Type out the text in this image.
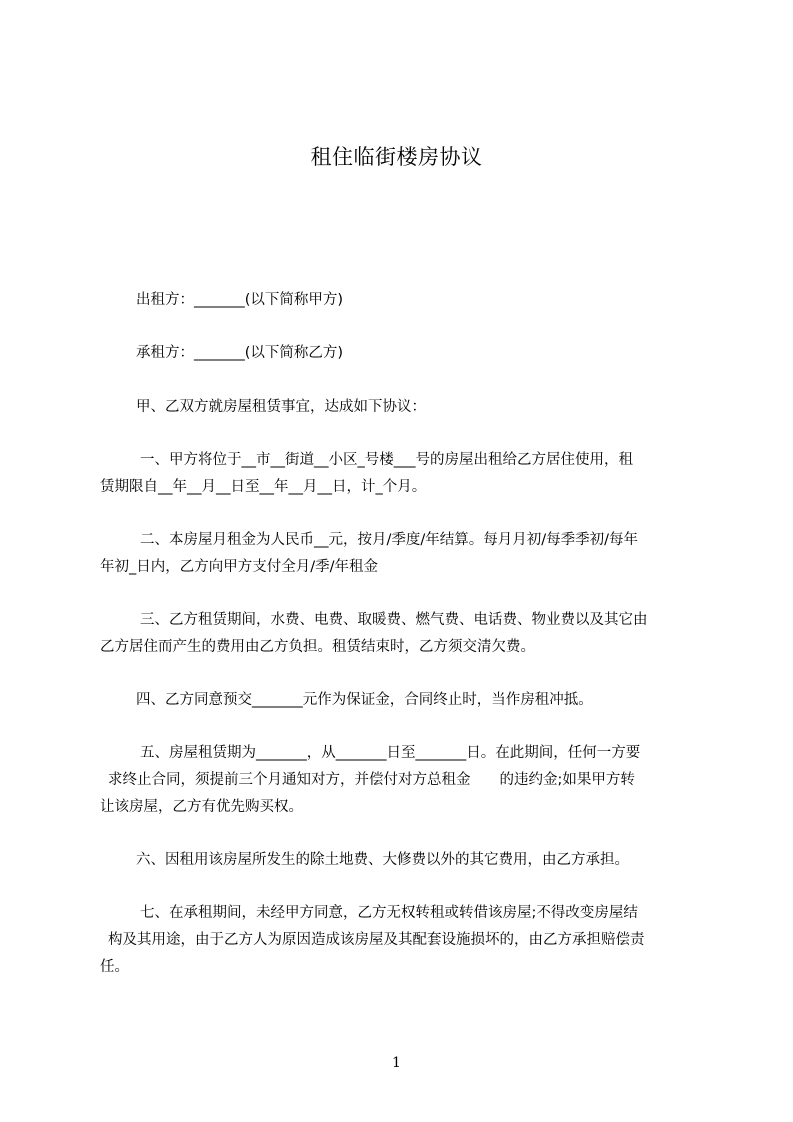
租住临街楼房协议
出租方：_______(以下简称甲方)
承租方：_______(以下简称乙方)
甲、乙双方就房屋租赁事宜，达成如下协议：
一、甲方将位于__市__街道__小区_号楼___号的房屋出租给乙方居住使用，租
赁期限自__年__月__日至__年__月__日，计_个月。
二、本房屋月租金为人民币__元，按月/季度/年结算。每月月初/每季季初/每年
年初_日内，乙方向甲方支付全月/季/年租金
三、乙方租赁期间，水费、电费、取暖费、燃气费、电话费、物业费以及其它由
乙方居住而产生的费用由乙方负担。租赁结束时，乙方须交清欠费。
四、乙方同意预交_______元作为保证金，合同终止时，当作房租冲抵。
五、房屋租赁期为_______，从_______日至_______日。在此期间，任何一方要
求终止合同，须提前三个月通知对方，并偿付对方总租金　　的违约金;如果甲方转
让该房屋，乙方有优先购买权。
六、因租用该房屋所发生的除土地费、大修费以外的其它费用，由乙方承担。
七、在承租期间，未经甲方同意，乙方无权转租或转借该房屋;不得改变房屋结
构及其用途，由于乙方人为原因造成该房屋及其配套设施损坏的，由乙方承担赔偿责
任。
1
